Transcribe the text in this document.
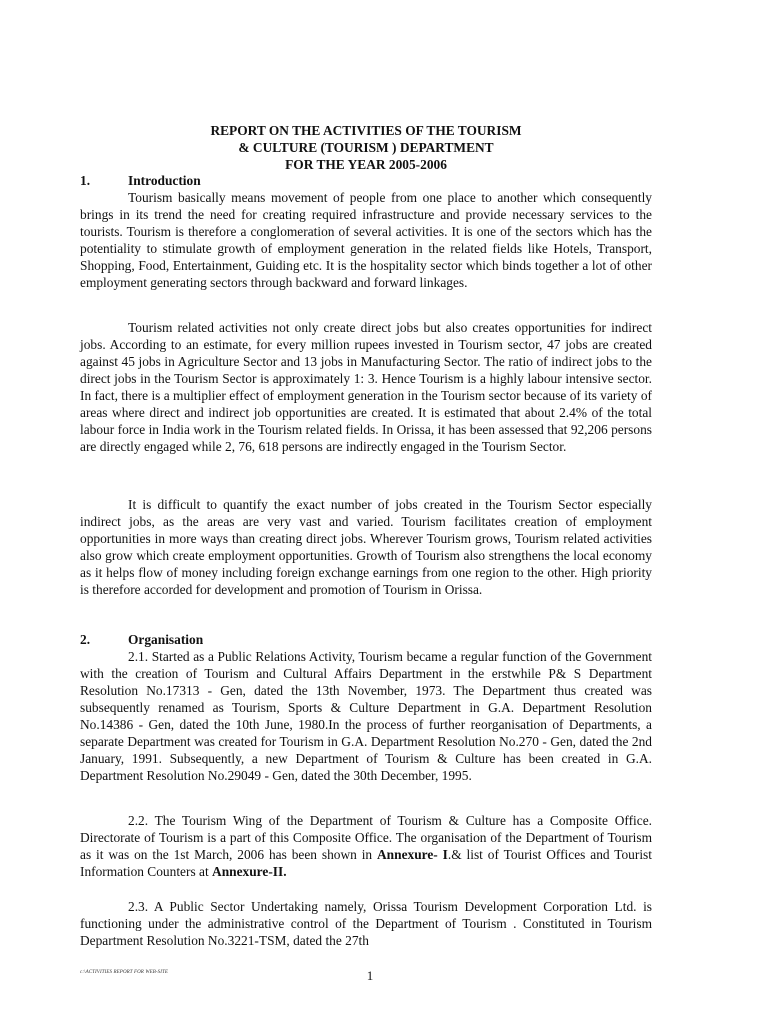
REPORT ON THE ACTIVITIES OF THE TOURISM
& CULTURE (TOURISM ) DEPARTMENT
FOR THE YEAR 2005-2006
1.	Introduction

Tourism basically means movement of people from one place to another which consequently brings in its trend the need for creating required infrastructure and provide necessary services to the tourists. Tourism is therefore a conglomeration of several activities. It is one of the sectors which has the potentiality to stimulate growth of employment generation in the related fields like Hotels, Transport, Shopping, Food, Entertainment, Guiding etc. It is the hospitality sector which binds together a lot of other employment generating sectors through backward and forward linkages.

Tourism related activities not only create direct jobs but also creates opportunities for indirect jobs. According to an estimate, for every million rupees invested in Tourism sector, 47 jobs are created against 45 jobs in Agriculture Sector and 13 jobs in Manufacturing Sector. The ratio of indirect jobs to the direct jobs in the Tourism Sector is approximately 1: 3. Hence Tourism is a highly labour intensive sector. In fact, there is a multiplier effect of employment generation in the Tourism sector because of its variety of areas where direct and indirect job opportunities are created. It is estimated that about 2.4% of the total labour force in India work in the Tourism related fields. In Orissa, it has been assessed that 92,206 persons are directly engaged while 2, 76, 618 persons are indirectly engaged in the Tourism Sector.

It is difficult to quantify the exact number of jobs created in the Tourism Sector especially indirect jobs, as the areas are very vast and varied. Tourism facilitates creation of employment opportunities in more ways than creating direct jobs. Wherever Tourism grows, Tourism related activities also grow which create employment opportunities. Growth of Tourism also strengthens the local economy as it helps flow of money including foreign exchange earnings from one region to the other. High priority is therefore accorded for development and promotion of Tourism in Orissa.

2.	Organisation

2.1. Started as a Public Relations Activity, Tourism became a regular function of the Government with the creation of Tourism and Cultural Affairs Department in the erstwhile P& S Department Resolution No.17313 - Gen, dated the 13th November, 1973. The Department thus created was subsequently renamed as Tourism, Sports & Culture Department in G.A. Department Resolution No.14386 - Gen, dated the 10th June, 1980.In the process of further reorganisation of Departments, a separate Department was created for Tourism in G.A. Department Resolution No.270 - Gen, dated the 2nd January, 1991. Subsequently, a new Department of Tourism & Culture has been created in G.A. Department Resolution No.29049 - Gen, dated the 30th December, 1995.

2.2. The Tourism Wing of the Department of Tourism & Culture has a Composite Office. Directorate of Tourism is a part of this Composite Office. The organisation of the Department of Tourism as it was on the 1st March, 2006 has been shown in Annexure- I.& list of Tourist Offices and Tourist Information Counters at Annexure-II.

2.3. A Public Sector Undertaking namely, Orissa Tourism Development Corporation Ltd. is functioning under the administrative control of the Department of Tourism . Constituted in Tourism Department Resolution No.3221-TSM, dated the 27th

c:\ACTIVITIES REPORT FOR WEB-SITE	1
